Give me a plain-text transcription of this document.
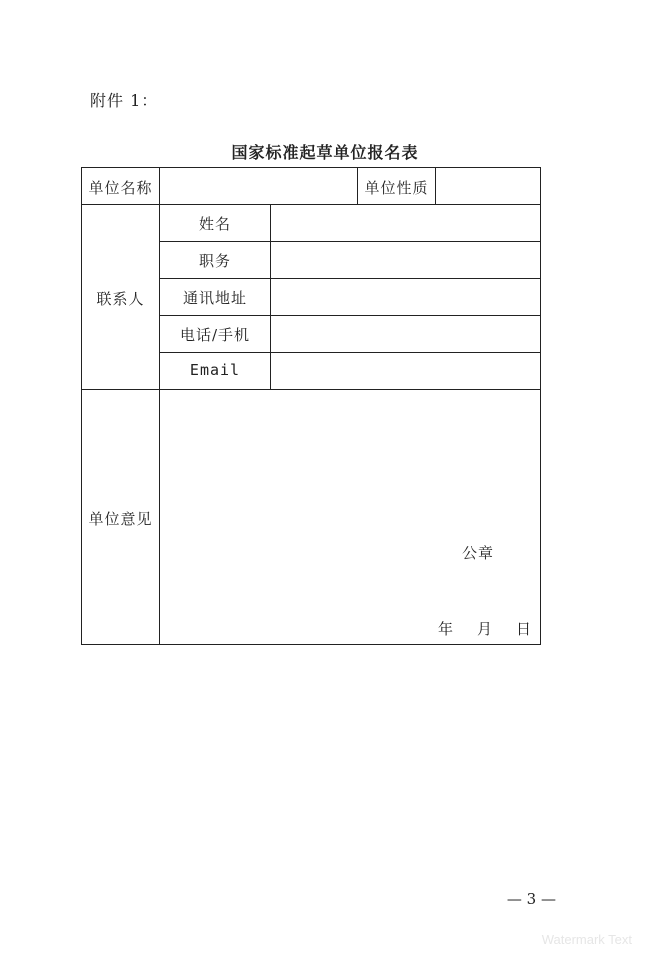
附件 1：
国家标准起草单位报名表
单位名称	单位性质
联系人
姓名
职务
通讯地址
电话/手机
Email
单位意见
公章
年 月 日
— 3 —
Watermark Text
